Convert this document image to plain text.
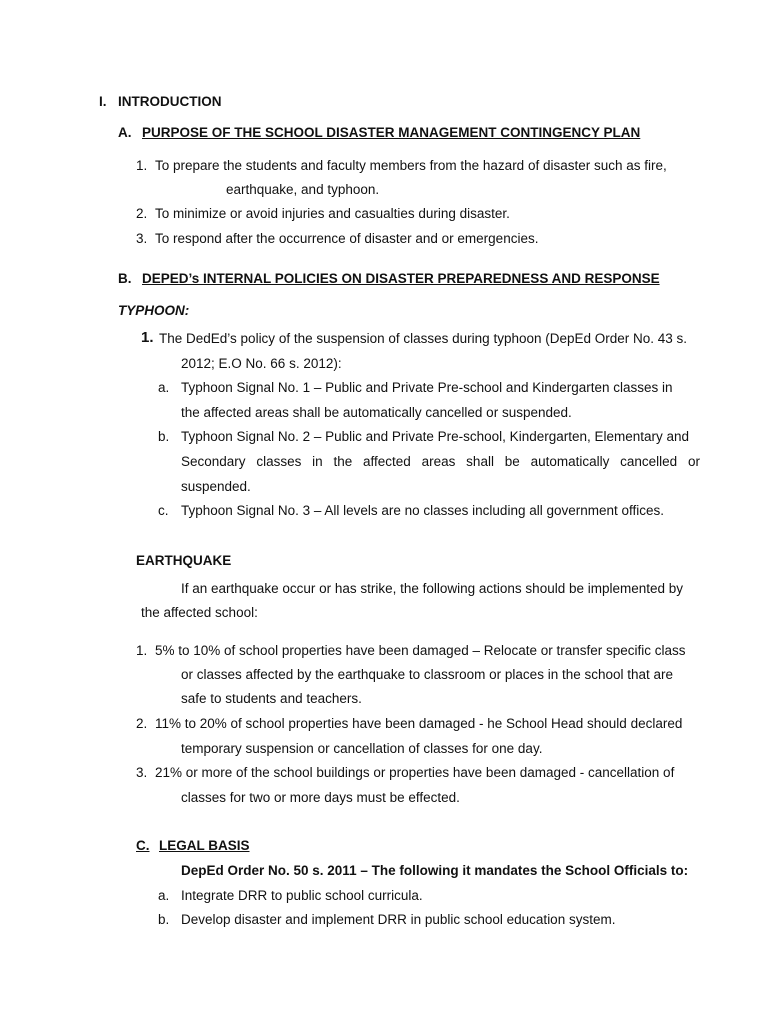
I. INTRODUCTION
A. PURPOSE OF THE SCHOOL DISASTER MANAGEMENT CONTINGENCY PLAN
1. To prepare the students and faculty members from the hazard of disaster such as fire,
earthquake, and typhoon.
2. To minimize or avoid injuries and casualties during disaster.
3. To respond after the occurrence of disaster and or emergencies.
B. DEPED’s INTERNAL POLICIES ON DISASTER PREPAREDNESS AND RESPONSE
TYPHOON:
1. The DedEd’s policy of the suspension of classes during typhoon (DepEd Order No. 43 s.
2012; E.O No. 66 s. 2012):
a. Typhoon Signal No. 1 – Public and Private Pre-school and Kindergarten classes in
the affected areas shall be automatically cancelled or suspended.
b. Typhoon Signal No. 2 – Public and Private Pre-school, Kindergarten, Elementary and
Secondary classes in the affected areas shall be automatically cancelled or
suspended.
c. Typhoon Signal No. 3 – All levels are no classes including all government offices.
EARTHQUAKE
If an earthquake occur or has strike, the following actions should be implemented by
the affected school:
1. 5% to 10% of school properties have been damaged – Relocate or transfer specific class
or classes affected by the earthquake to classroom or places in the school that are
safe to students and teachers.
2. 11% to 20% of school properties have been damaged - he School Head should declared
temporary suspension or cancellation of classes for one day.
3. 21% or more of the school buildings or properties have been damaged - cancellation of
classes for two or more days must be effected.
C. LEGAL BASIS
DepEd Order No. 50 s. 2011 – The following it mandates the School Officials to:
a. Integrate DRR to public school curricula.
b. Develop disaster and implement DRR in public school education system.
